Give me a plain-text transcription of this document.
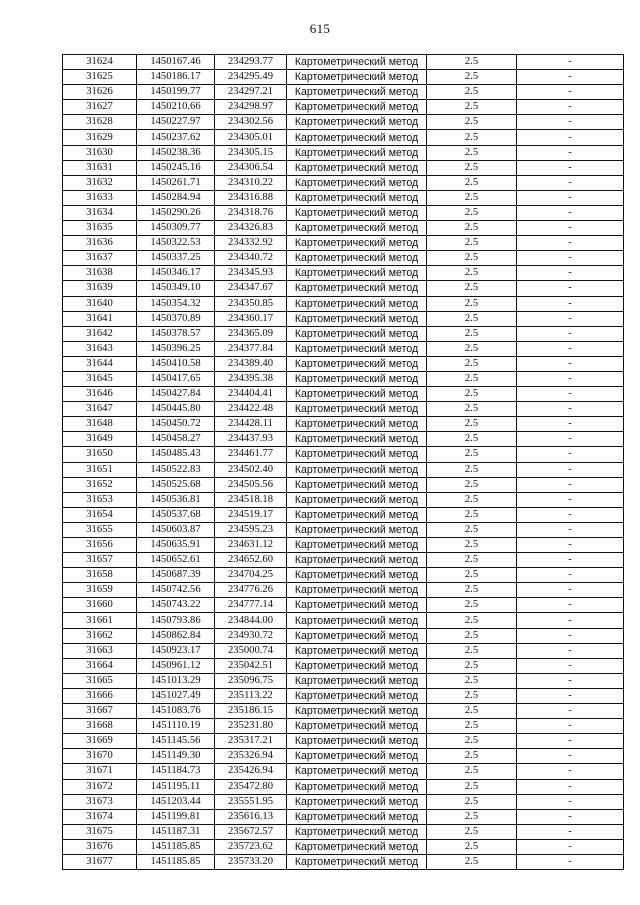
615
31624	1450167.46	234293.77	Картометрический метод	2.5	-
31625	1450186.17	234295.49	Картометрический метод	2.5	-
31626	1450199.77	234297.21	Картометрический метод	2.5	-
31627	1450210.66	234298.97	Картометрический метод	2.5	-
31628	1450227.97	234302.56	Картометрический метод	2.5	-
31629	1450237.62	234305.01	Картометрический метод	2.5	-
31630	1450238.36	234305.15	Картометрический метод	2.5	-
31631	1450245.16	234306.54	Картометрический метод	2.5	-
31632	1450261.71	234310.22	Картометрический метод	2.5	-
31633	1450284.94	234316.88	Картометрический метод	2.5	-
31634	1450290.26	234318.76	Картометрический метод	2.5	-
31635	1450309.77	234326.83	Картометрический метод	2.5	-
31636	1450322.53	234332.92	Картометрический метод	2.5	-
31637	1450337.25	234340.72	Картометрический метод	2.5	-
31638	1450346.17	234345.93	Картометрический метод	2.5	-
31639	1450349.10	234347.67	Картометрический метод	2.5	-
31640	1450354.32	234350.85	Картометрический метод	2.5	-
31641	1450370.89	234360.17	Картометрический метод	2.5	-
31642	1450378.57	234365.09	Картометрический метод	2.5	-
31643	1450396.25	234377.84	Картометрический метод	2.5	-
31644	1450410.58	234389.40	Картометрический метод	2.5	-
31645	1450417.65	234395.38	Картометрический метод	2.5	-
31646	1450427.84	234404.41	Картометрический метод	2.5	-
31647	1450445.80	234422.48	Картометрический метод	2.5	-
31648	1450450.72	234428.11	Картометрический метод	2.5	-
31649	1450458.27	234437.93	Картометрический метод	2.5	-
31650	1450485.43	234461.77	Картометрический метод	2.5	-
31651	1450522.83	234502.40	Картометрический метод	2.5	-
31652	1450525.68	234505.56	Картометрический метод	2.5	-
31653	1450536.81	234518.18	Картометрический метод	2.5	-
31654	1450537.68	234519.17	Картометрический метод	2.5	-
31655	1450603.87	234595.23	Картометрический метод	2.5	-
31656	1450635.91	234631.12	Картометрический метод	2.5	-
31657	1450652.61	234652.60	Картометрический метод	2.5	-
31658	1450687.39	234704.25	Картометрический метод	2.5	-
31659	1450742.56	234776.26	Картометрический метод	2.5	-
31660	1450743.22	234777.14	Картометрический метод	2.5	-
31661	1450793.86	234844.00	Картометрический метод	2.5	-
31662	1450862.84	234930.72	Картометрический метод	2.5	-
31663	1450923.17	235000.74	Картометрический метод	2.5	-
31664	1450961.12	235042.51	Картометрический метод	2.5	-
31665	1451013.29	235096.75	Картометрический метод	2.5	-
31666	1451027.49	235113.22	Картометрический метод	2.5	-
31667	1451083.76	235186.15	Картометрический метод	2.5	-
31668	1451110.19	235231.80	Картометрический метод	2.5	-
31669	1451145.56	235317.21	Картометрический метод	2.5	-
31670	1451149.30	235326.94	Картометрический метод	2.5	-
31671	1451184.73	235426.94	Картометрический метод	2.5	-
31672	1451195.11	235472.80	Картометрический метод	2.5	-
31673	1451203.44	235551.95	Картометрический метод	2.5	-
31674	1451199.81	235616.13	Картометрический метод	2.5	-
31675	1451187.31	235672.57	Картометрический метод	2.5	-
31676	1451185.85	235723.62	Картометрический метод	2.5	-
31677	1451185.85	235733.20	Картометрический метод	2.5	-
